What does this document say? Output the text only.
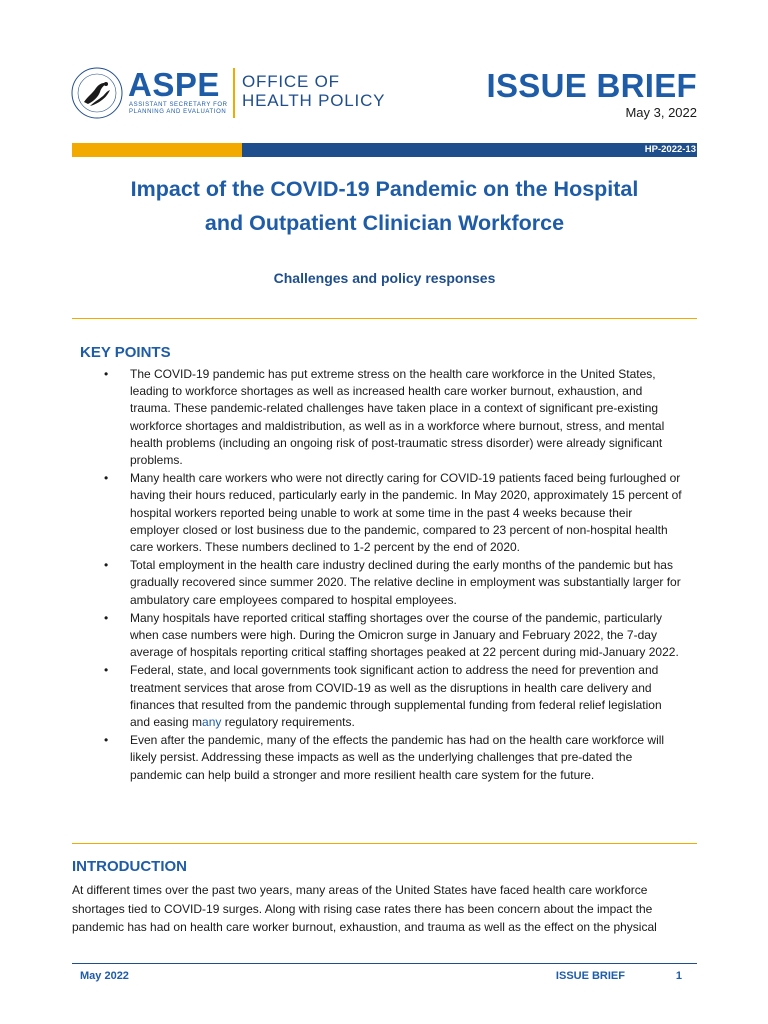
ASPE
ASSISTANT SECRETARY FOR PLANNING AND EVALUATION
OFFICE OF
HEALTH POLICY	ISSUE BRIEF
May 3, 2022
HP-2022-13
Impact of the COVID-19 Pandemic on the Hospital
and Outpatient Clinician Workforce
Challenges and policy responses
KEY POINTS
• The COVID-19 pandemic has put extreme stress on the health care workforce in the United States, leading to workforce shortages as well as increased health care worker burnout, exhaustion, and trauma. These pandemic-related challenges have taken place in a context of significant pre-existing workforce shortages and maldistribution, as well as in a workforce where burnout, stress, and mental health problems (including an ongoing risk of post-traumatic stress disorder) were already significant problems.
• Many health care workers who were not directly caring for COVID-19 patients faced being furloughed or having their hours reduced, particularly early in the pandemic. In May 2020, approximately 15 percent of hospital workers reported being unable to work at some time in the past 4 weeks because their employer closed or lost business due to the pandemic, compared to 23 percent of non-hospital health care workers. These numbers declined to 1-2 percent by the end of 2020.
• Total employment in the health care industry declined during the early months of the pandemic but has gradually recovered since summer 2020. The relative decline in employment was substantially larger for ambulatory care employees compared to hospital employees.
• Many hospitals have reported critical staffing shortages over the course of the pandemic, particularly when case numbers were high. During the Omicron surge in January and February 2022, the 7-day average of hospitals reporting critical staffing shortages peaked at 22 percent during mid-January 2022.
• Federal, state, and local governments took significant action to address the need for prevention and treatment services that arose from COVID-19 as well as the disruptions in health care delivery and finances that resulted from the pandemic through supplemental funding from federal relief legislation and easing many regulatory requirements.
• Even after the pandemic, many of the effects the pandemic has had on the health care workforce will likely persist. Addressing these impacts as well as the underlying challenges that pre-dated the pandemic can help build a stronger and more resilient health care system for the future.
INTRODUCTION
At different times over the past two years, many areas of the United States have faced health care workforce shortages tied to COVID-19 surges. Along with rising case rates there has been concern about the impact the pandemic has had on health care worker burnout, exhaustion, and trauma as well as the effect on the physical
May 2022	ISSUE BRIEF	1
